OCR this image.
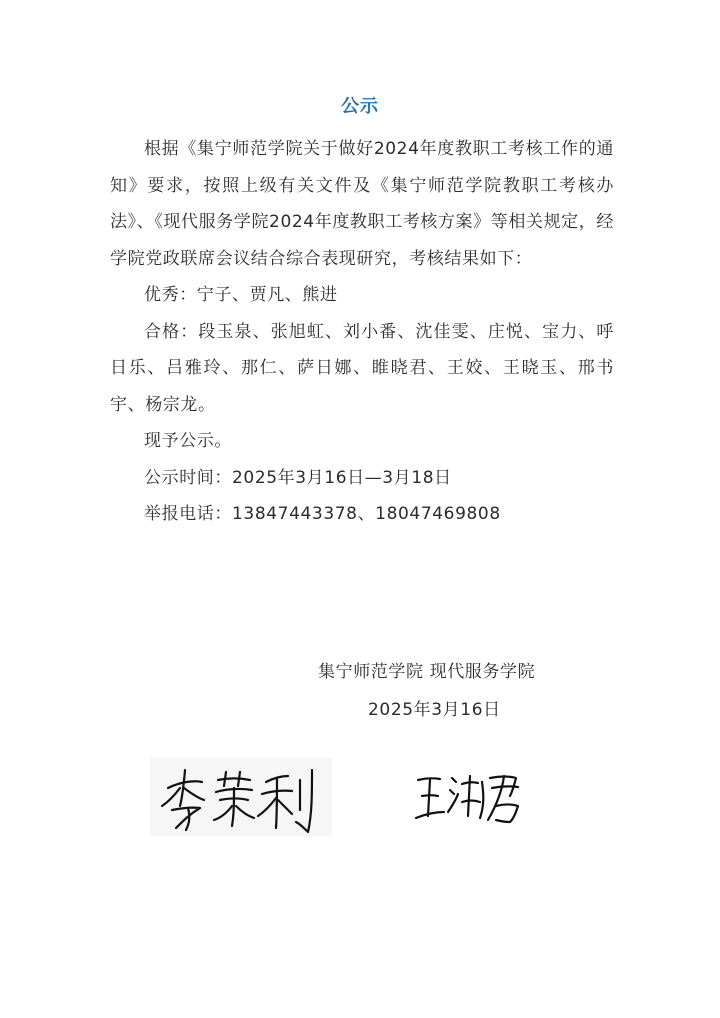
公示

根据《集宁师范学院关于做好2024年度教职工考核工作的通知》要求，按照上级有关文件及《集宁师范学院教职工考核办法》、《现代服务学院2024年度教职工考核方案》等相关规定，经学院党政联席会议结合综合表现研究，考核结果如下：

优秀：宁子、贾凡、熊进

合格：段玉泉、张旭虹、刘小番、沈佳雯、庄悦、宝力、呼日乐、吕雅玲、那仁、萨日娜、睢晓君、王姣、王晓玉、邢书宇、杨宗龙。

现予公示。

公示时间：2025年3月16日—3月18日

举报电话：13847443378、18047469808

集宁师范学院 现代服务学院
2025年3月16日
